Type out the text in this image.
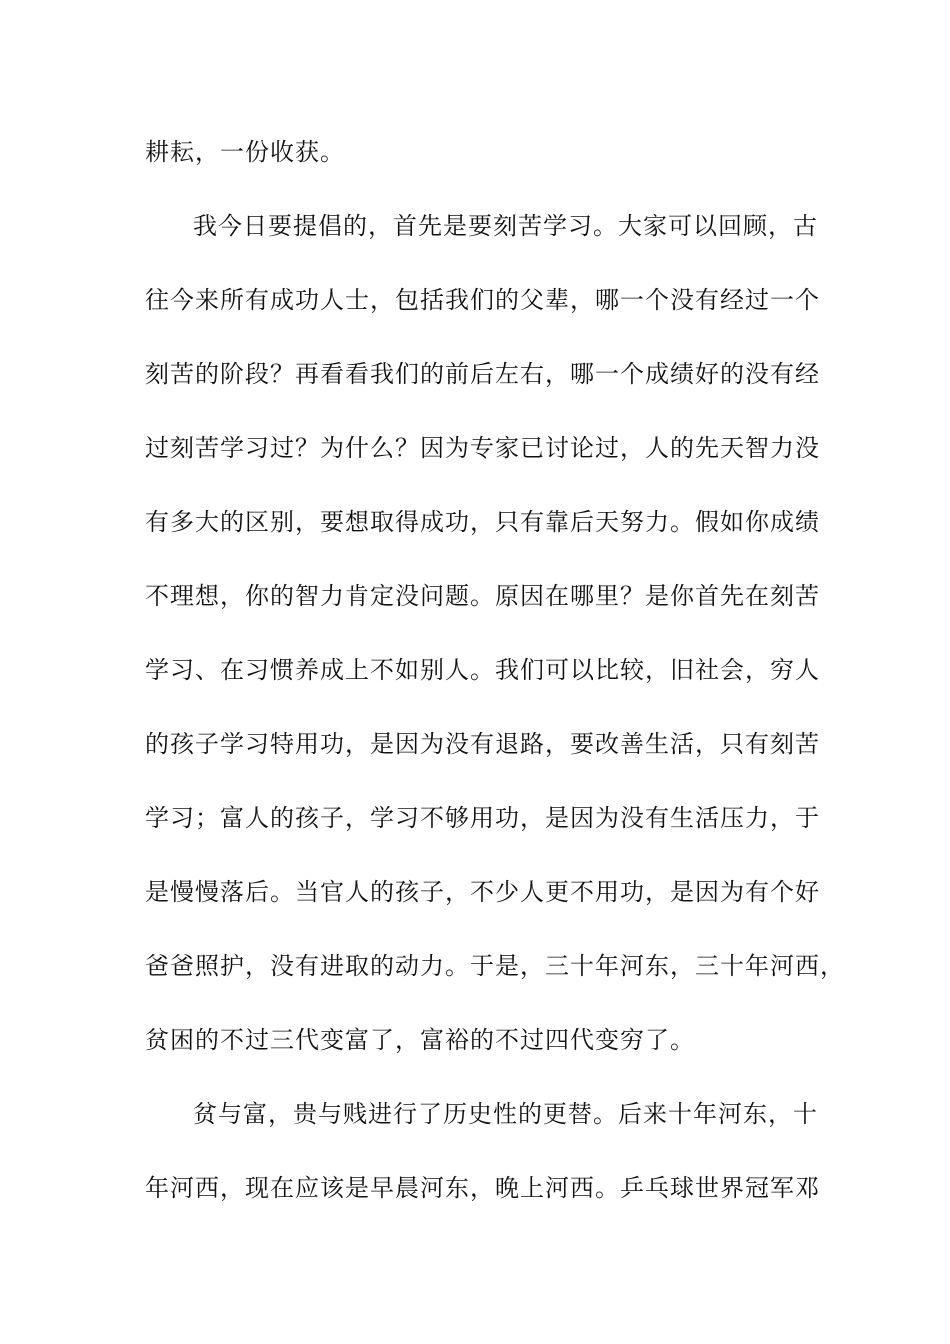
耕耘，一份收获。
我今日要提倡的，首先是要刻苦学习。大家可以回顾，古
往今来所有成功人士，包括我们的父辈，哪一个没有经过一个
刻苦的阶段？再看看我们的前后左右，哪一个成绩好的没有经
过刻苦学习过？为什么？因为专家已讨论过，人的先天智力没
有多大的区别，要想取得成功，只有靠后天努力。假如你成绩
不理想，你的智力肯定没问题。原因在哪里？是你首先在刻苦
学习、在习惯养成上不如别人。我们可以比较，旧社会，穷人
的孩子学习特用功，是因为没有退路，要改善生活，只有刻苦
学习；富人的孩子，学习不够用功，是因为没有生活压力，于
是慢慢落后。当官人的孩子，不少人更不用功，是因为有个好
爸爸照护，没有进取的动力。于是，三十年河东，三十年河西，
贫困的不过三代变富了，富裕的不过四代变穷了。
贫与富，贵与贱进行了历史性的更替。后来十年河东，十
年河西，现在应该是早晨河东，晚上河西。乒乓球世界冠军邓
